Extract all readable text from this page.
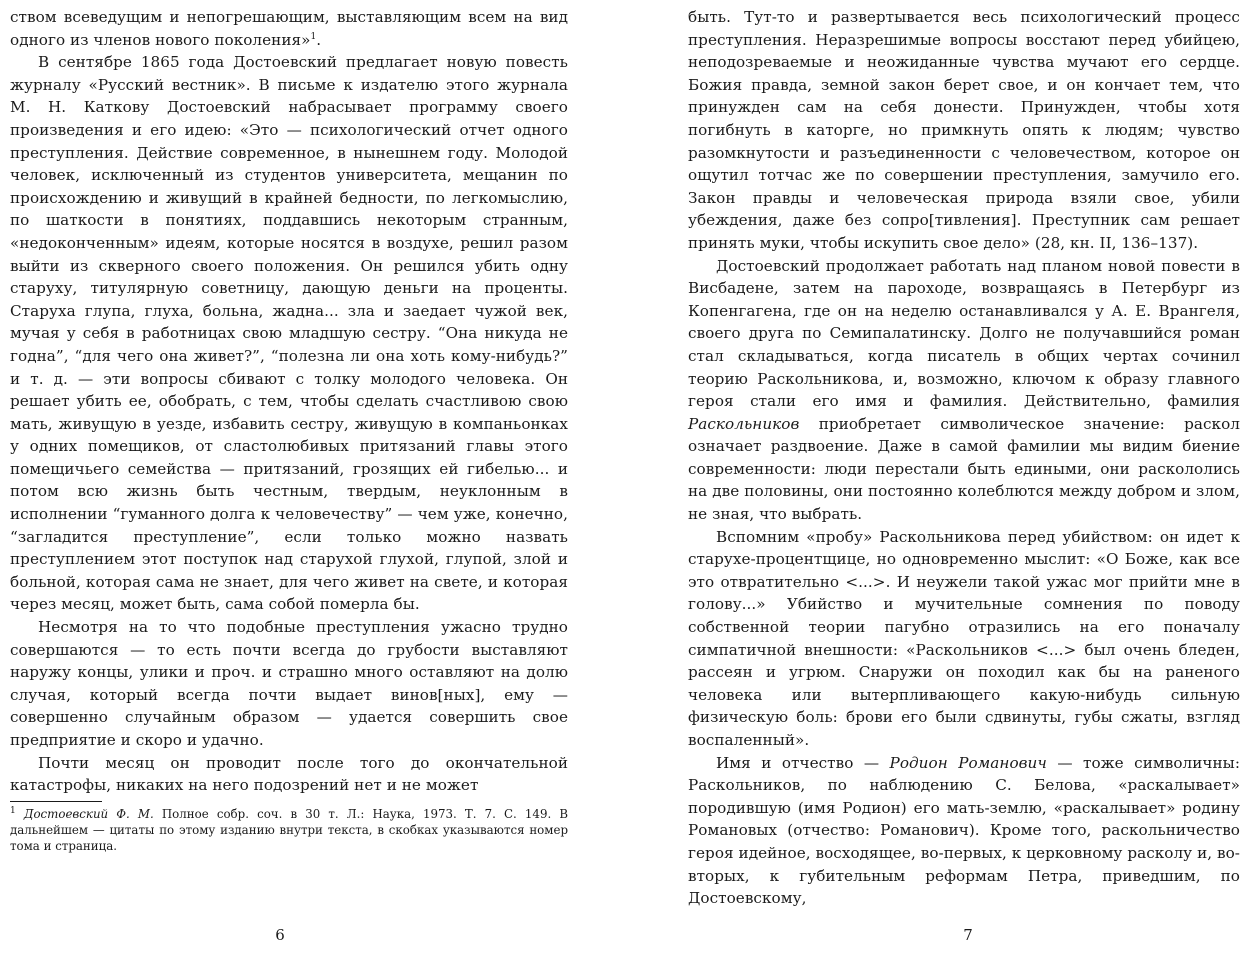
ством всеведущим и непогрешающим, выставляющим всем на вид одного из членов нового поколения»$^1$.

В сентябре 1865 года Достоевский предлагает новую повесть журналу «Русский вестник». В письме к издателю этого журнала М. Н. Каткову Достоевский набрасывает программу своего произведения и его идею: «Это — психологический отчет одного преступления. Действие современное, в нынешнем году. Молодой человек, исключенный из студентов университета, мещанин по происхождению и живущий в крайней бедности, по легкомыслию, по шаткости в понятиях, поддавшись некоторым странным, «недоконченным» идеям, которые носятся в воздухе, решил разом выйти из скверного своего положения. Он решился убить одну старуху, титулярную советницу, дающую деньги на проценты. Старуха глупа, глуха, больна, жадна... зла и заедает чужой век, мучая у себя в работницах свою младшую сестру. “Она никуда не годна”, “для чего она живет?”, “полезна ли она хоть кому-нибудь?” и т. д. — эти вопросы сбивают с толку молодого человека. Он решает убить ее, обобрать, с тем, чтобы сделать счастливою свою мать, живущую в уезде, избавить сестру, живущую в компаньонках у одних помещиков, от сластолюбивых притязаний главы этого помещичьего семейства — притязаний, грозящих ей гибелью... и потом всю жизнь быть честным, твердым, неуклонным в исполнении “гуманного долга к человечеству” — чем уже, конечно, “загладится преступление”, если только можно назвать преступлением этот поступок над старухой глухой, глупой, злой и больной, которая сама не знает, для чего живет на свете, и которая через месяц, может быть, сама собой померла бы.

Несмотря на то что подобные преступления ужасно трудно совершаются — то есть почти всегда до грубости выставляют наружу концы, улики и проч. и страшно много оставляют на долю случая, который всегда почти выдает винов[ных], ему — совершенно случайным образом — удается совершить свое предприятие и скоро и удачно.

Почти месяц он проводит после того до окончательной катастрофы, никаких на него подозрений нет и не может

$^1$ Достоевский Ф. М. Полное собр. соч. в 30 т. Л.: Наука, 1973. Т. 7. С. 149. В дальнейшем — цитаты по этому изданию внутри текста, в скобках указываются номер тома и страница.

6

быть. Тут-то и развертывается весь психологический процесс преступления. Неразрешимые вопросы восстают перед убийцею, неподозреваемые и неожиданные чувства мучают его сердце. Божия правда, земной закон берет свое, и он кончает тем, что принужден сам на себя донести. Принужден, чтобы хотя погибнуть в каторге, но примкнуть опять к людям; чувство разомкнутости и разъединенности с человечеством, которое он ощутил тотчас же по совершении преступления, замучило его. Закон правды и человеческая природа взяли свое, убили убеждения, даже без сопро[тивления]. Преступник сам решает принять муки, чтобы искупить свое дело» (28, кн. II, 136–137).

Достоевский продолжает работать над планом новой повести в Висбадене, затем на пароходе, возвращаясь в Петербург из Копенгагена, где он на неделю останавливался у А. Е. Врангеля, своего друга по Семипалатинску. Долго не получавшийся роман стал складываться, когда писатель в общих чертах сочинил теорию Раскольникова, и, возможно, ключом к образу главного героя стали его имя и фамилия. Действительно, фамилия Раскольников приобретает символическое значение: раскол означает раздвоение. Даже в самой фамилии мы видим биение современности: люди перестали быть едиными, они раскололись на две половины, они постоянно колеблются между добром и злом, не зная, что выбрать.

Вспомним «пробу» Раскольникова перед убийством: он идет к старухе-процентщице, но одновременно мыслит: «О Боже, как все это отвратительно <...>. И неужели такой ужас мог прийти мне в голову...» Убийство и мучительные сомнения по поводу собственной теории пагубно отразились на его поначалу симпатичной внешности: «Раскольников <...> был очень бледен, рассеян и угрюм. Снаружи он походил как бы на раненого человека или вытерпливающего какую-нибудь сильную физическую боль: брови его были сдвинуты, губы сжаты, взгляд воспаленный».

Имя и отчество — Родион Романович — тоже символичны: Раскольников, по наблюдению С. Белова, «раскалывает» породившую (имя Родион) его мать-землю, «раскалывает» родину Романовых (отчество: Романович). Кроме того, раскольничество героя идейное, восходящее, во-первых, к церковному расколу и, во-вторых, к губительным реформам Петра, приведшим, по Достоевскому,

7
